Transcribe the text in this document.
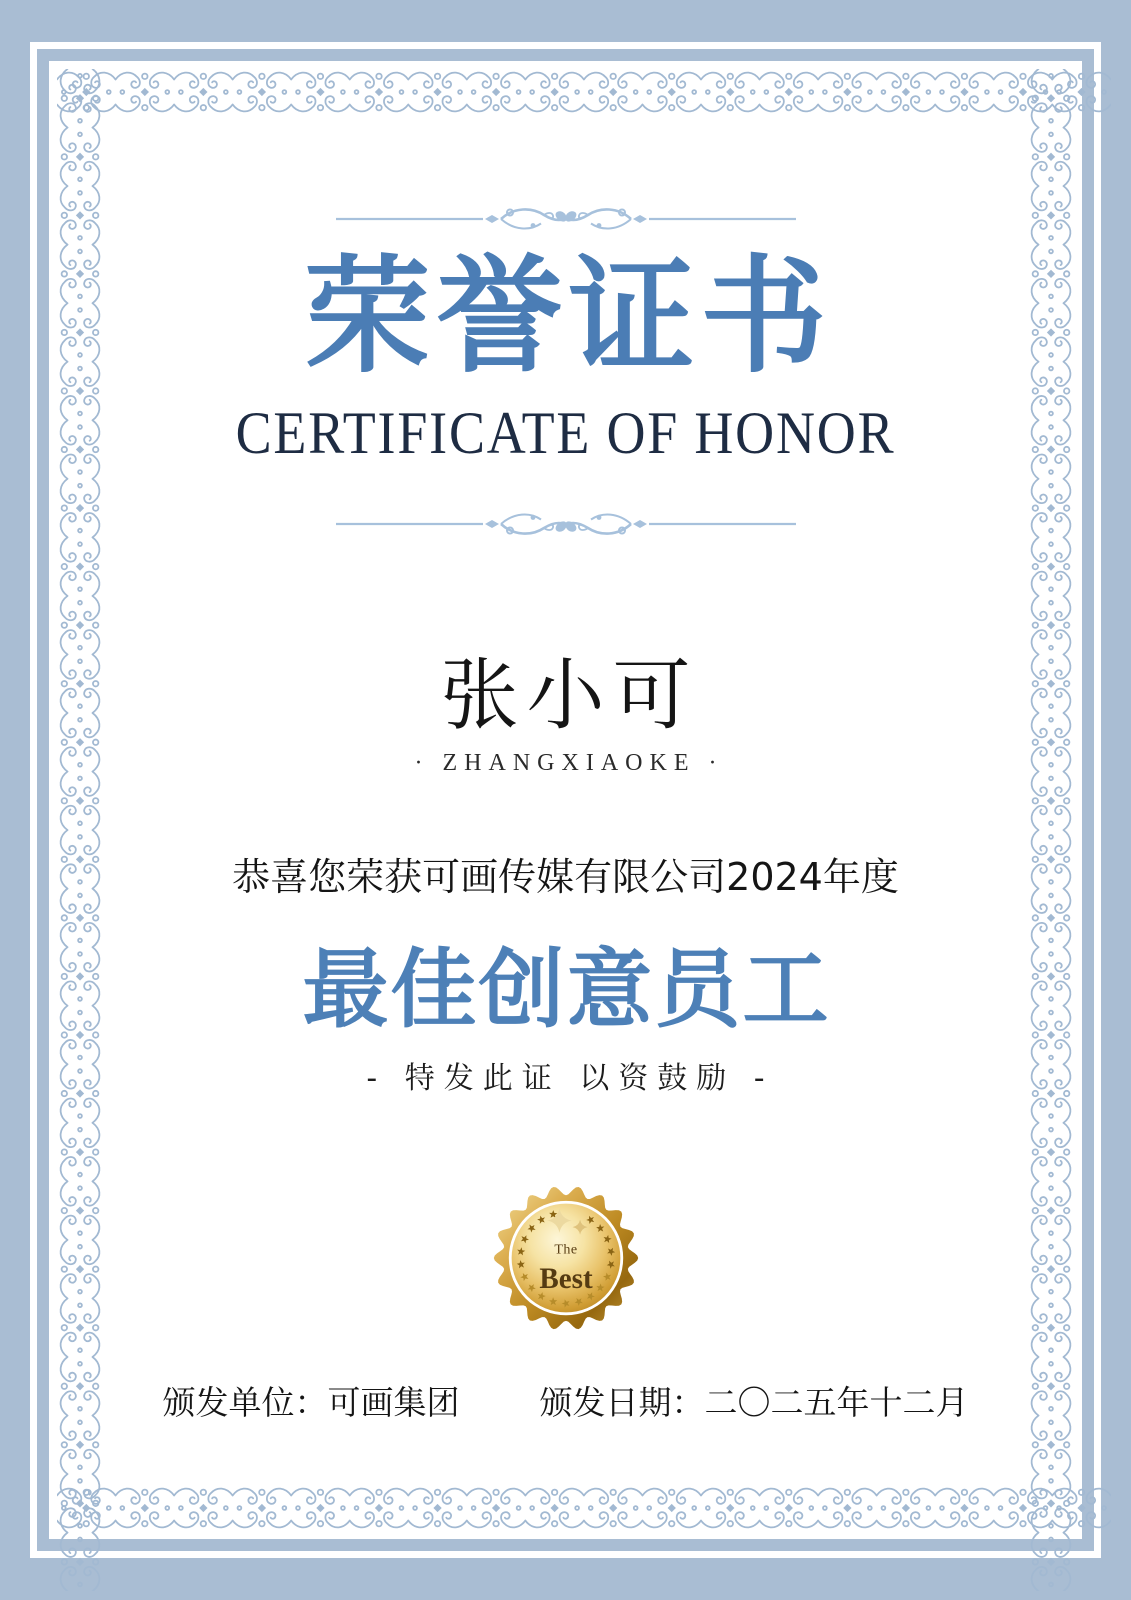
荣誉证书
CERTIFICATE OF HONOR
张小可
· ZHANGXIAOKE ·
恭喜您荣获可画传媒有限公司2024年度
最佳创意员工
- 特发此证 以资鼓励 -
The
Best
颁发单位：可画集团 颁发日期：二〇二五年十二月
